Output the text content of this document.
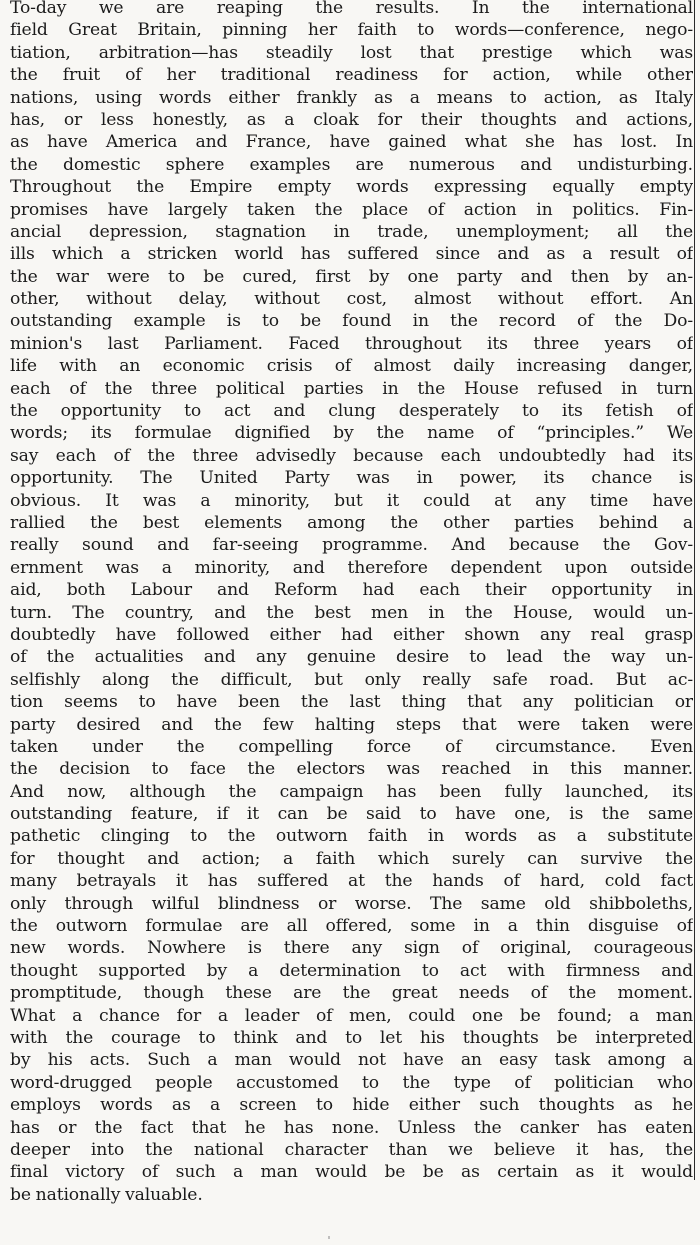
To-day we are reaping the results. In the international
field Great Britain, pinning her faith to words—conference, nego-
tiation, arbitration—has steadily lost that prestige which was
the fruit of her traditional readiness for action, while other
nations, using words either frankly as a means to action, as Italy
has, or less honestly, as a cloak for their thoughts and actions,
as have America and France, have gained what she has lost. In
the domestic sphere examples are numerous and undisturbing.
Throughout the Empire empty words expressing equally empty
promises have largely taken the place of action in politics. Fin-
ancial depression, stagnation in trade, unemployment; all the
ills which a stricken world has suffered since and as a result of
the war were to be cured, first by one party and then by an-
other, without delay, without cost, almost without effort. An
outstanding example is to be found in the record of the Do-
minion's last Parliament. Faced throughout its three years of
life with an economic crisis of almost daily increasing danger,
each of the three political parties in the House refused in turn
the opportunity to act and clung desperately to its fetish of
words; its formulae dignified by the name of “principles.” We
say each of the three advisedly because each undoubtedly had its
opportunity. The United Party was in power, its chance is
obvious. It was a minority, but it could at any time have
rallied the best elements among the other parties behind a
really sound and far-seeing programme. And because the Gov-
ernment was a minority, and therefore dependent upon outside
aid, both Labour and Reform had each their opportunity in
turn. The country, and the best men in the House, would un-
doubtedly have followed either had either shown any real grasp
of the actualities and any genuine desire to lead the way un-
selfishly along the difficult, but only really safe road. But ac-
tion seems to have been the last thing that any politician or
party desired and the few halting steps that were taken were
taken under the compelling force of circumstance. Even
the decision to face the electors was reached in this manner.
And now, although the campaign has been fully launched, its
outstanding feature, if it can be said to have one, is the same
pathetic clinging to the outworn faith in words as a substitute
for thought and action; a faith which surely can survive the
many betrayals it has suffered at the hands of hard, cold fact
only through wilful blindness or worse. The same old shibboleths,
the outworn formulae are all offered, some in a thin disguise of
new words. Nowhere is there any sign of original, courageous
thought supported by a determination to act with firmness and
promptitude, though these are the great needs of the moment.
What a chance for a leader of men, could one be found; a man
with the courage to think and to let his thoughts be interpreted
by his acts. Such a man would not have an easy task among a
word-drugged people accustomed to the type of politician who
employs words as a screen to hide either such thoughts as he
has or the fact that he has none. Unless the canker has eaten
deeper into the national character than we believe it has, the
final victory of such a man would be be as certain as it would
be nationally valuable.
